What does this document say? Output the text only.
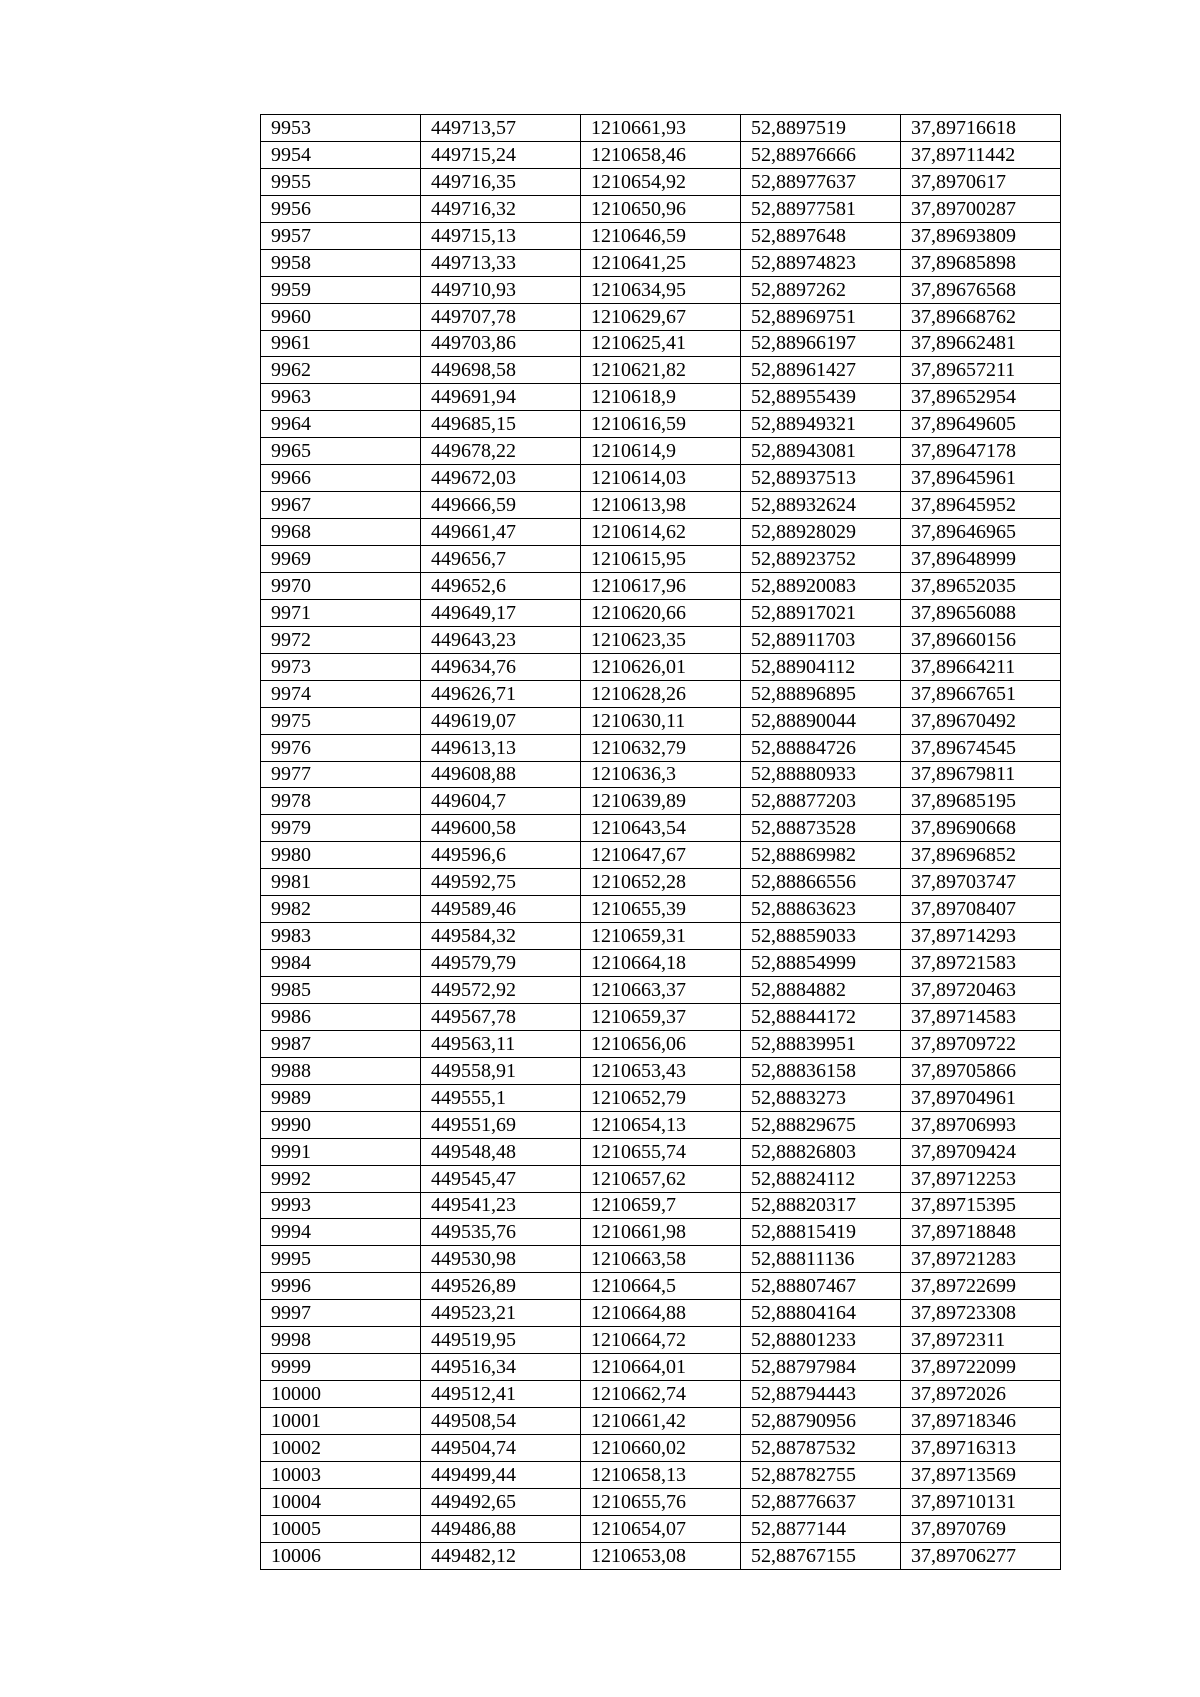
9953	449713,57	1210661,93	52,8897519	37,89716618
9954	449715,24	1210658,46	52,88976666	37,89711442
9955	449716,35	1210654,92	52,88977637	37,8970617
9956	449716,32	1210650,96	52,88977581	37,89700287
9957	449715,13	1210646,59	52,8897648	37,89693809
9958	449713,33	1210641,25	52,88974823	37,89685898
9959	449710,93	1210634,95	52,8897262	37,89676568
9960	449707,78	1210629,67	52,88969751	37,89668762
9961	449703,86	1210625,41	52,88966197	37,89662481
9962	449698,58	1210621,82	52,88961427	37,89657211
9963	449691,94	1210618,9	52,88955439	37,89652954
9964	449685,15	1210616,59	52,88949321	37,89649605
9965	449678,22	1210614,9	52,88943081	37,89647178
9966	449672,03	1210614,03	52,88937513	37,89645961
9967	449666,59	1210613,98	52,88932624	37,89645952
9968	449661,47	1210614,62	52,88928029	37,89646965
9969	449656,7	1210615,95	52,88923752	37,89648999
9970	449652,6	1210617,96	52,88920083	37,89652035
9971	449649,17	1210620,66	52,88917021	37,89656088
9972	449643,23	1210623,35	52,88911703	37,89660156
9973	449634,76	1210626,01	52,88904112	37,89664211
9974	449626,71	1210628,26	52,88896895	37,89667651
9975	449619,07	1210630,11	52,88890044	37,89670492
9976	449613,13	1210632,79	52,88884726	37,89674545
9977	449608,88	1210636,3	52,88880933	37,89679811
9978	449604,7	1210639,89	52,88877203	37,89685195
9979	449600,58	1210643,54	52,88873528	37,89690668
9980	449596,6	1210647,67	52,88869982	37,89696852
9981	449592,75	1210652,28	52,88866556	37,89703747
9982	449589,46	1210655,39	52,88863623	37,89708407
9983	449584,32	1210659,31	52,88859033	37,89714293
9984	449579,79	1210664,18	52,88854999	37,89721583
9985	449572,92	1210663,37	52,8884882	37,89720463
9986	449567,78	1210659,37	52,88844172	37,89714583
9987	449563,11	1210656,06	52,88839951	37,89709722
9988	449558,91	1210653,43	52,88836158	37,89705866
9989	449555,1	1210652,79	52,8883273	37,89704961
9990	449551,69	1210654,13	52,88829675	37,89706993
9991	449548,48	1210655,74	52,88826803	37,89709424
9992	449545,47	1210657,62	52,88824112	37,89712253
9993	449541,23	1210659,7	52,88820317	37,89715395
9994	449535,76	1210661,98	52,88815419	37,89718848
9995	449530,98	1210663,58	52,88811136	37,89721283
9996	449526,89	1210664,5	52,88807467	37,89722699
9997	449523,21	1210664,88	52,88804164	37,89723308
9998	449519,95	1210664,72	52,88801233	37,8972311
9999	449516,34	1210664,01	52,88797984	37,89722099
10000	449512,41	1210662,74	52,88794443	37,8972026
10001	449508,54	1210661,42	52,88790956	37,89718346
10002	449504,74	1210660,02	52,88787532	37,89716313
10003	449499,44	1210658,13	52,88782755	37,89713569
10004	449492,65	1210655,76	52,88776637	37,89710131
10005	449486,88	1210654,07	52,8877144	37,8970769
10006	449482,12	1210653,08	52,88767155	37,89706277
